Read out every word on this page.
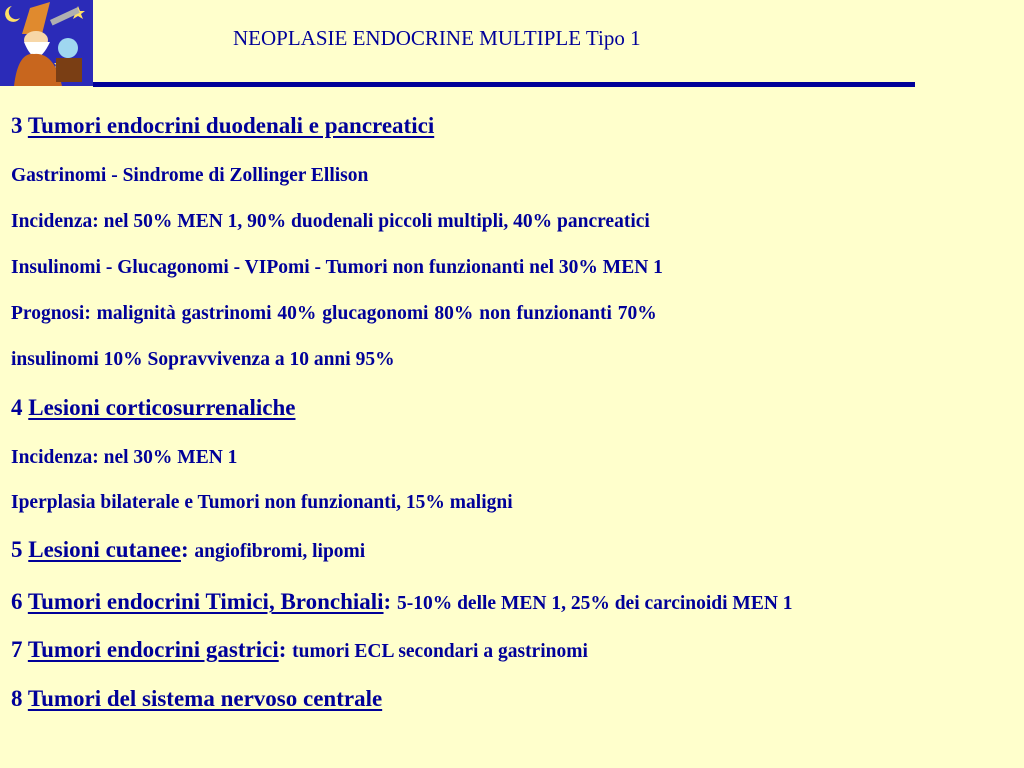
NEOPLASIE ENDOCRINE MULTIPLE Tipo 1
3 Tumori endocrini duodenali e pancreatici
Gastrinomi - Sindrome di Zollinger Ellison
Incidenza: nel 50% MEN 1, 90% duodenali piccoli multipli, 40% pancreatici
Insulinomi - Glucagonomi - VIPomi - Tumori non funzionanti nel 30% MEN 1
Prognosi: malignità gastrinomi 40% glucagonomi 80% non funzionanti 70%
insulinomi 10% Sopravvivenza a 10 anni 95%
4 Lesioni corticosurrenaliche
Incidenza: nel 30% MEN 1
Iperplasia bilaterale e Tumori non funzionanti, 15% maligni
5 Lesioni cutanee: angiofibromi, lipomi
6 Tumori endocrini Timici, Bronchiali: 5-10% delle MEN 1, 25% dei carcinoidi MEN 1
7 Tumori endocrini gastrici: tumori ECL secondari a gastrinomi
8 Tumori del sistema nervoso centrale
